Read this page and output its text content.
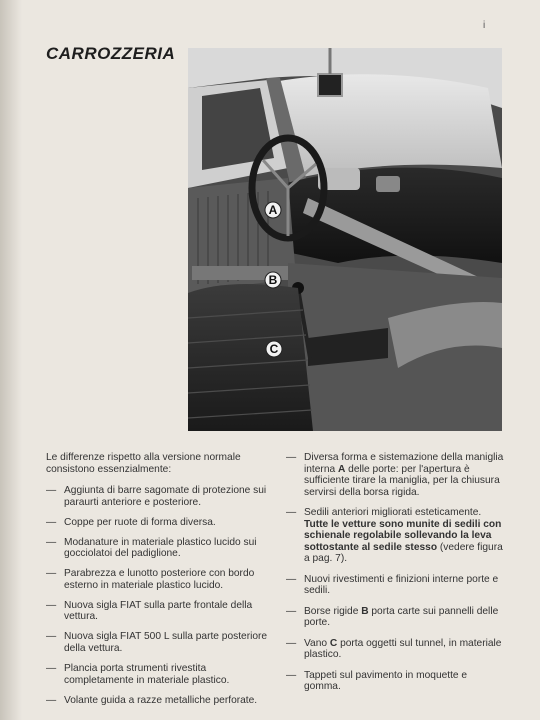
i
CARROZZERIA
A
B
C

Le differenze rispetto alla versione normale consistono essenzialmente:

— Aggiunta di barre sagomate di protezione sui paraurti anteriore e posteriore.
— Coppe per ruote di forma diversa.
— Modanature in materiale plastico lucido sui gocciolatoi del padiglione.
— Parabrezza e lunotto posteriore con bordo esterno in materiale plastico lucido.
— Nuova sigla FIAT sulla parte frontale della vettura.
— Nuova sigla FIAT 500 L sulla parte posteriore della vettura.
— Plancia porta strumenti rivestita completamente in materiale plastico.
— Volante guida a razze metalliche perforate.
— Diversa forma e sistemazione della maniglia interna A delle porte: per l'apertura è sufficiente tirare la maniglia, per la chiusura servirsi della borsa rigida.
— Sedili anteriori migliorati esteticamente. Tutte le vetture sono munite di sedili con schienale regolabile sollevando la leva sottostante al sedile stesso (vedere figura a pag. 7).
— Nuovi rivestimenti e finizioni interne porte e sedili.
— Borse rigide B porta carte sui pannelli delle porte.
— Vano C porta oggetti sul tunnel, in materiale plastico.
— Tappeti sul pavimento in moquette e gomma.
